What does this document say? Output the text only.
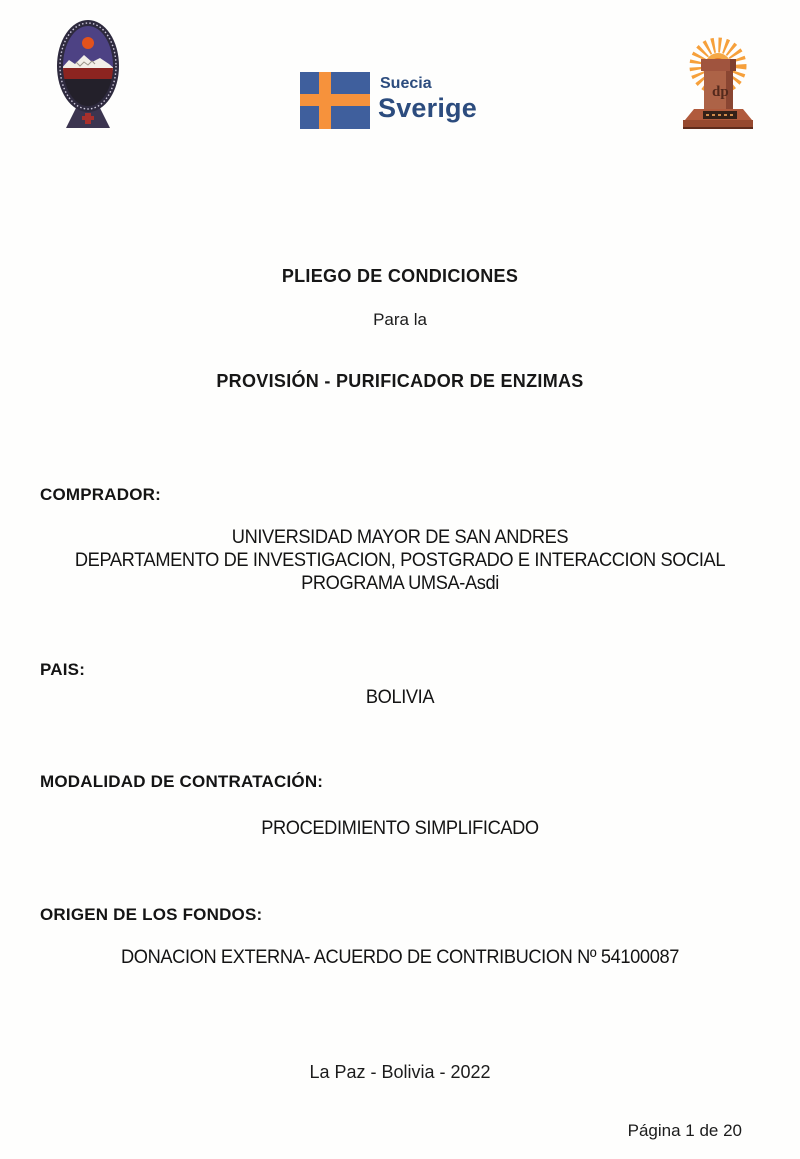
Suecia
Sverige
dp
PLIEGO DE CONDICIONES
Para la
PROVISIÓN - PURIFICADOR DE ENZIMAS
COMPRADOR:
UNIVERSIDAD MAYOR DE SAN ANDRES
DEPARTAMENTO DE INVESTIGACION, POSTGRADO E INTERACCION SOCIAL
PROGRAMA UMSA-Asdi
PAIS:
BOLIVIA
MODALIDAD DE CONTRATACIÓN:
PROCEDIMIENTO SIMPLIFICADO
ORIGEN DE LOS FONDOS:
DONACION EXTERNA- ACUERDO DE CONTRIBUCION Nº 54100087
La Paz - Bolivia - 2022
Página 1 de 20
